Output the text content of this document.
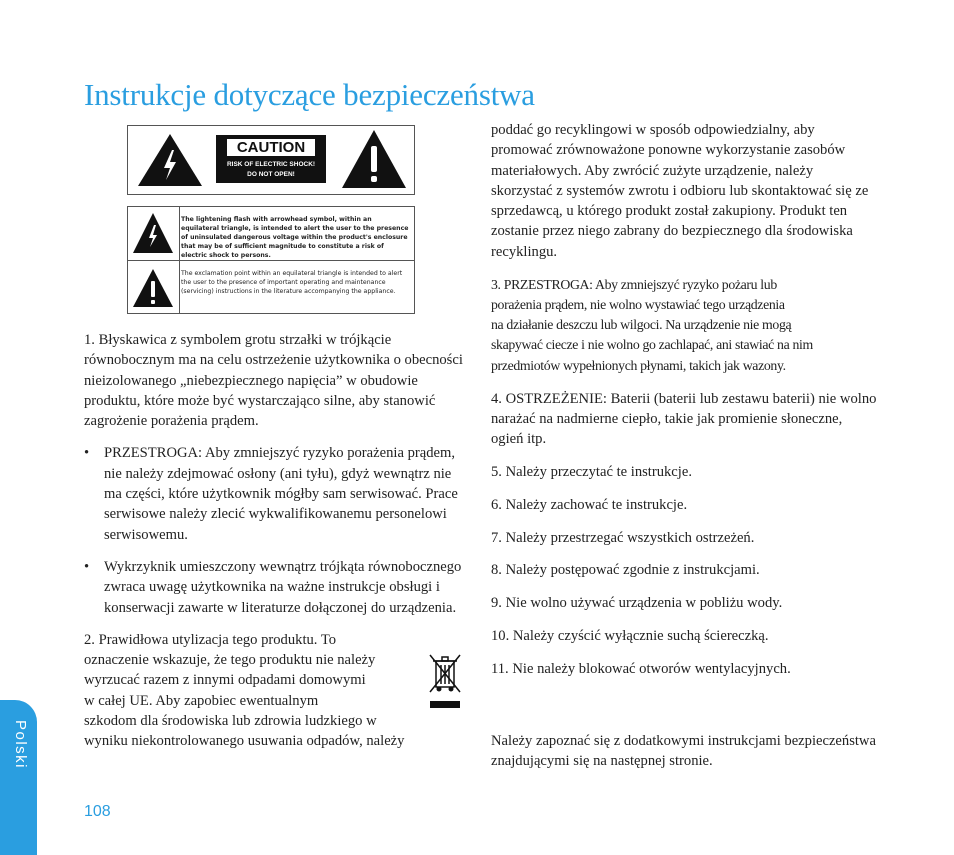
Instrukcje dotyczące bezpieczeństwa
CAUTION
RISK OF ELECTRIC SHOCK!
DO NOT OPEN!
The lightening flash with arrowhead symbol, within an equilateral triangle, is intended to alert the user to the presence of uninsulated dangerous voltage within the product's enclosure that may be of sufficient magnitude to constitute a risk of electric shock to persons.
The exclamation point within an equilateral triangle is intended to alert the user to the presence of important operating and maintenance (servicing) instructions in the literature accompanying the appliance.

1. Błyskawica z symbolem grotu strzałki w trójkącie równobocznym ma na celu ostrzeżenie użytkownika o obecności nieizolowanego „niebezpiecznego napięcia” w obudowie produktu, które może być wystarczająco silne, aby stanowić zagrożenie porażenia prądem.

• PRZESTROGA: Aby zmniejszyć ryzyko porażenia prądem, nie należy zdejmować osłony (ani tyłu), gdyż wewnątrz nie ma części, które użytkownik mógłby sam serwisować. Prace serwisowe należy zlecić wykwalifikowanemu personelowi serwisowemu.
• Wykrzyknik umieszczony wewnątrz trójkąta równobocznego zwraca uwagę użytkownika na ważne instrukcje obsługi i konserwacji zawarte w literaturze dołączonej do urządzenia.
2. Prawidłowa utylizacja tego produktu. To
oznaczenie wskazuje, że tego produktu nie należy
wyrzucać razem z innymi odpadami domowymi
w całej UE. Aby zapobiec ewentualnym
szkodom dla środowiska lub zdrowia ludzkiego w
wyniku niekontrolowanego usuwania odpadów, należy

poddać go recyklingowi w sposób odpowiedzialny, aby promować zrównoważone ponowne wykorzystanie zasobów materiałowych. Aby zwrócić zużyte urządzenie, należy skorzystać z systemów zwrotu i odbioru lub skontaktować się ze sprzedawcą, u którego produkt został zakupiony. Produkt ten zostanie przez niego zabrany do bezpiecznego dla środowiska recyklingu.

3. PRZESTROGA: Aby zmniejszyć ryzyko pożaru lub
porażenia prądem, nie wolno wystawiać tego urządzenia
na działanie deszczu lub wilgoci. Na urządzenie nie mogą
skapywać ciecze i nie wolno go zachlapać, ani stawiać na nim
przedmiotów wypełnionych płynami, takich jak wazony.

4. OSTRZEŻENIE: Baterii (baterii lub zestawu baterii) nie wolno narażać na nadmierne ciepło, takie jak promienie słoneczne, ogień itp.

5. Należy przeczytać te instrukcje.

6. Należy zachować te instrukcje.

7. Należy przestrzegać wszystkich ostrzeżeń.

8. Należy postępować zgodnie z instrukcjami.

9. Nie wolno używać urządzenia w pobliżu wody.

10. Należy czyścić wyłącznie suchą ściereczką.

11. Nie należy blokować otworów wentylacyjnych.

Należy zapoznać się z dodatkowymi instrukcjami bezpieczeństwa znajdującymi się na następnej stronie.

Polski
108
